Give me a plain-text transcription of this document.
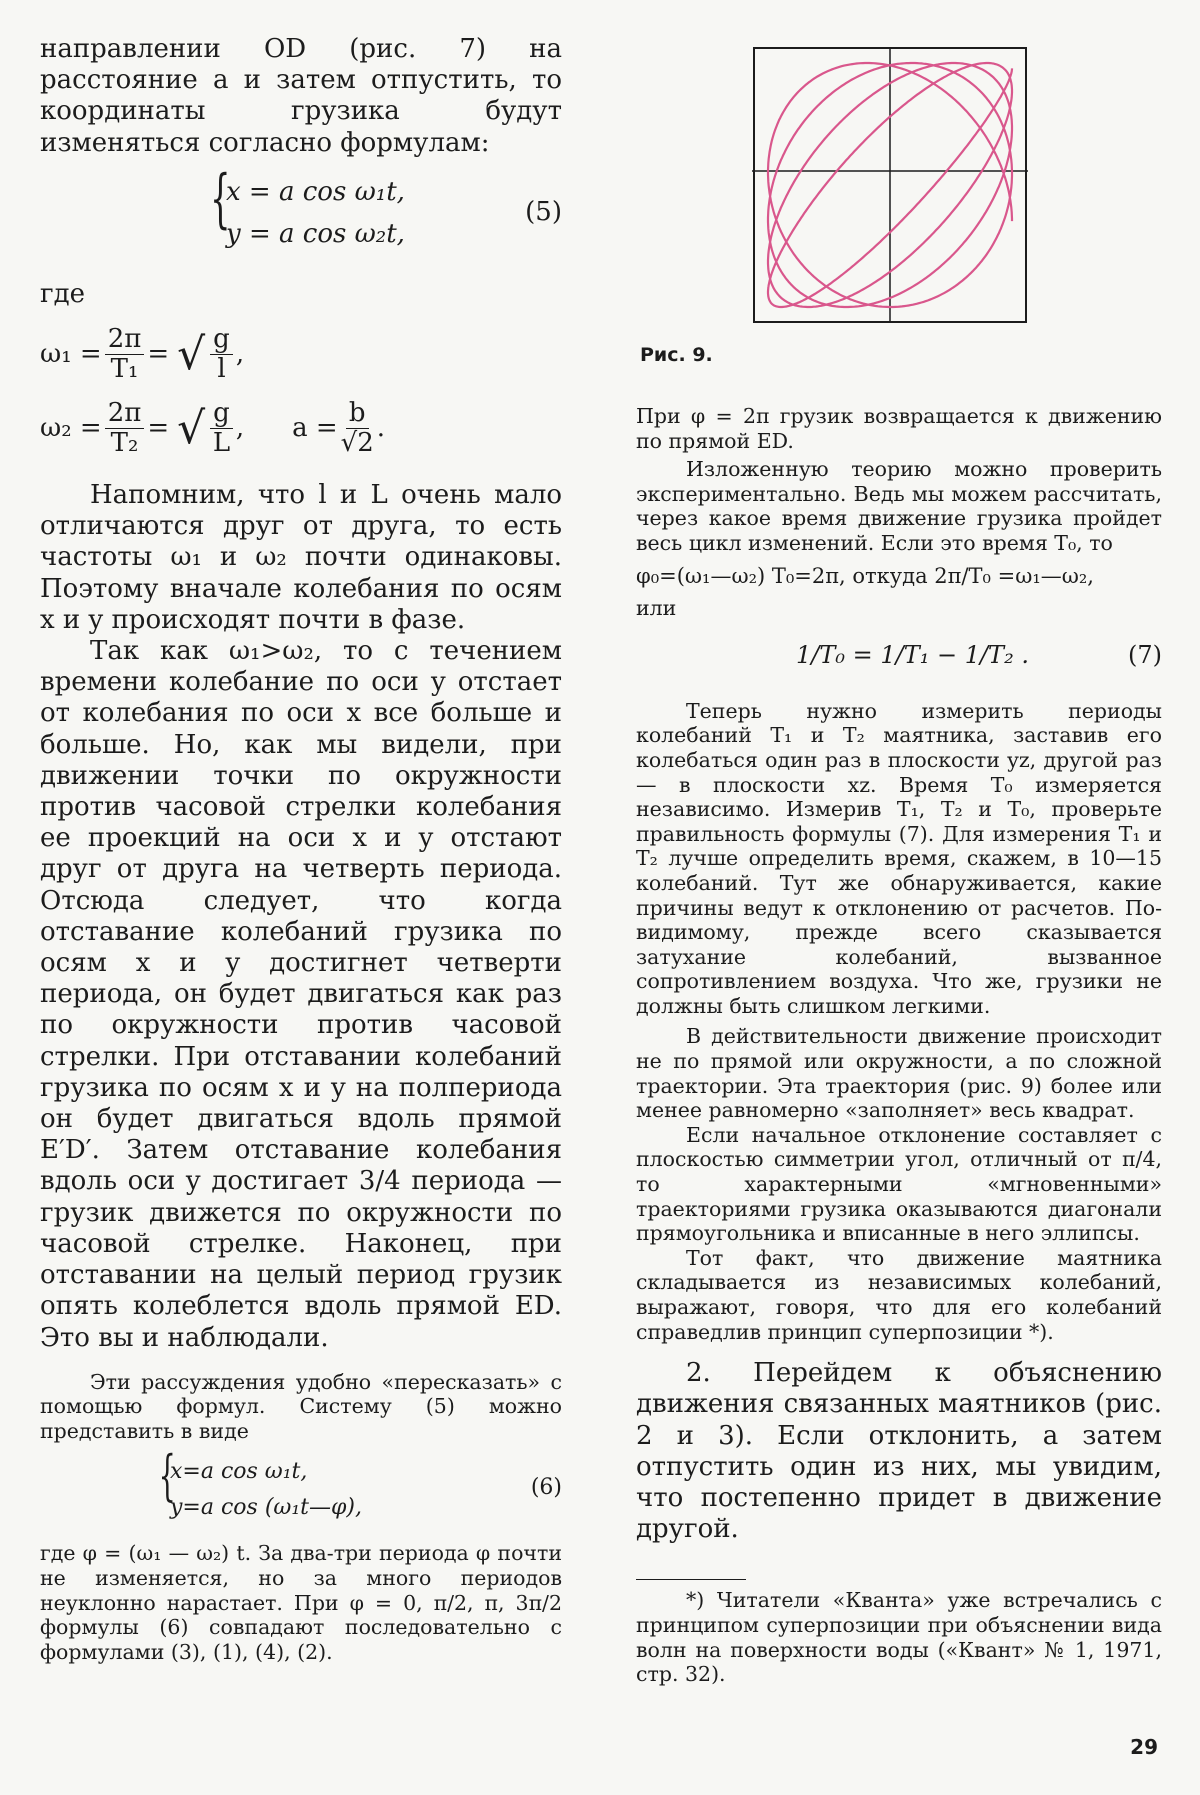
направлении OD (рис. 7) на расстояние a и затем отпустить, то координаты грузика будут изменяться согласно формулам:

{
x = a cos ω₁t,
y = a cos ω₂t,
(5)

где

$\omega_1 = \frac{2\pi}{\text{T₁}}$ = √ $\frac{g}{l}$ ,
$\omega_2 = \frac{2\pi}{\text{T₂}}$ = √ $\frac{g}{L}$ , $a = \frac{b}{√2}$ .

Напомним, что l и L очень мало отличаются друг от друга, то есть частоты ω₁ и ω₂ почти одинаковы. Поэтому вначале колебания по осям x и y происходят почти в фазе.

Так как ω₁>ω₂, то с течением времени колебание по оси y отстает от колебания по оси x все больше и больше. Но, как мы видели, при движении точки по окружности против часовой стрелки колебания ее проекций на оси x и y отстают друг от друга на четверть периода. Отсюда следует, что когда отставание колебаний грузика по осям x и y достигнет четверти периода, он будет двигаться как раз по окружности против часовой стрелки. При отставании колебаний грузика по осям x и y на полпериода он будет двигаться вдоль прямой E′D′. Затем отставание колебания вдоль оси y достигает 3/4 периода — грузик движется по окружности по часовой стрелке. Наконец, при отставании на целый период грузик опять колеблется вдоль прямой ED. Это вы и наблюдали.

Эти рассуждения удобно «пересказать» с помощью формул. Систему (5) можно представить в виде

{
x=a cos ω₁t,
y=a cos (ω₁t—φ),
(6)

где φ = (ω₁ — ω₂) t. За два-три периода φ почти не изменяется, но за много периодов неуклонно нарастает. При φ = 0, π/2, π, 3π/2 формулы (6) совпадают последовательно с формулами (3), (1), (4), (2).

Рис. 9.

При φ = 2π грузик возвращается к движению по прямой ED.

Изложенную теорию можно проверить экспериментально. Ведь мы можем рассчитать, через какое время движение грузика пройдет весь цикл изменений. Если это время T₀, то

φ₀=(ω₁—ω₂) T₀=2π, откуда 2π/T₀ =ω₁—ω₂,

или

1/T₀ = 1/T₁ − 1/T₂ .	(7)

Теперь нужно измерить периоды колебаний T₁ и T₂ маятника, заставив его колебаться один раз в плоскости yz, другой раз — в плоскости xz. Время T₀ измеряется независимо. Измерив T₁, T₂ и T₀, проверьте правильность формулы (7). Для измерения T₁ и T₂ лучше определить время, скажем, в 10—15 колебаний. Тут же обнаруживается, какие причины ведут к отклонению от расчетов. По-видимому, прежде всего сказывается затухание колебаний, вызванное сопротивлением воздуха. Что же, грузики не должны быть слишком легкими.

В действительности движение происходит не по прямой или окружности, а по сложной траектории. Эта траектория (рис. 9) более или менее равномерно «заполняет» весь квадрат.

Если начальное отклонение составляет с плоскостью симметрии угол, отличный от π/4, то характерными «мгновенными» траекториями грузика оказываются диагонали прямоугольника и вписанные в него эллипсы.

Тот факт, что движение маятника складывается из независимых колебаний, выражают, говоря, что для его колебаний справедлив принцип суперпозиции *).

2. Перейдем к объяснению движения связанных маятников (рис. 2 и 3). Если отклонить, а затем отпустить один из них, мы увидим, что постепенно придет в движение другой.

*) Читатели «Кванта» уже встречались с принципом суперпозиции при объяснении вида волн на поверхности воды («Квант» № 1, 1971, стр. 32).

29
